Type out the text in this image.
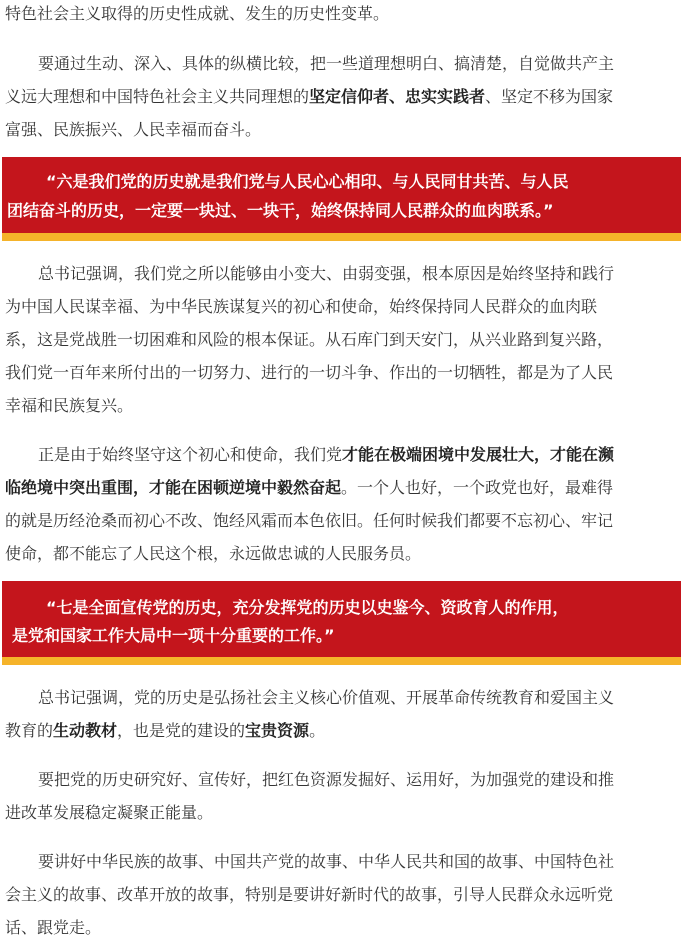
特色社会主义取得的历史性成就、发生的历史性变革。
要通过生动、深入、具体的纵横比较，把一些道理想明白、搞清楚，自觉做共产主
义远大理想和中国特色社会主义共同理想的坚定信仰者、忠实实践者、坚定不移为国家
富强、民族振兴、人民幸福而奋斗。
“六是我们党的历史就是我们党与人民心心相印、与人民同甘共苦、与人民
团结奋斗的历史，一定要一块过、一块干，始终保持同人民群众的血肉联系。”
总书记强调，我们党之所以能够由小变大、由弱变强，根本原因是始终坚持和践行
为中国人民谋幸福、为中华民族谋复兴的初心和使命，始终保持同人民群众的血肉联
系，这是党战胜一切困难和风险的根本保证。从石库门到天安门，从兴业路到复兴路，
我们党一百年来所付出的一切努力、进行的一切斗争、作出的一切牺牲，都是为了人民
幸福和民族复兴。
正是由于始终坚守这个初心和使命，我们党才能在极端困境中发展壮大，才能在濒
临绝境中突出重围，才能在困顿逆境中毅然奋起。一个人也好，一个政党也好，最难得
的就是历经沧桑而初心不改、饱经风霜而本色依旧。任何时候我们都要不忘初心、牢记
使命，都不能忘了人民这个根，永远做忠诚的人民服务员。
“七是全面宣传党的历史，充分发挥党的历史以史鉴今、资政育人的作用，
是党和国家工作大局中一项十分重要的工作。”
总书记强调，党的历史是弘扬社会主义核心价值观、开展革命传统教育和爱国主义
教育的生动教材，也是党的建设的宝贵资源。
要把党的历史研究好、宣传好，把红色资源发掘好、运用好，为加强党的建设和推
进改革发展稳定凝聚正能量。
要讲好中华民族的故事、中国共产党的故事、中华人民共和国的故事、中国特色社
会主义的故事、改革开放的故事，特别是要讲好新时代的故事，引导人民群众永远听党
话、跟党走。
